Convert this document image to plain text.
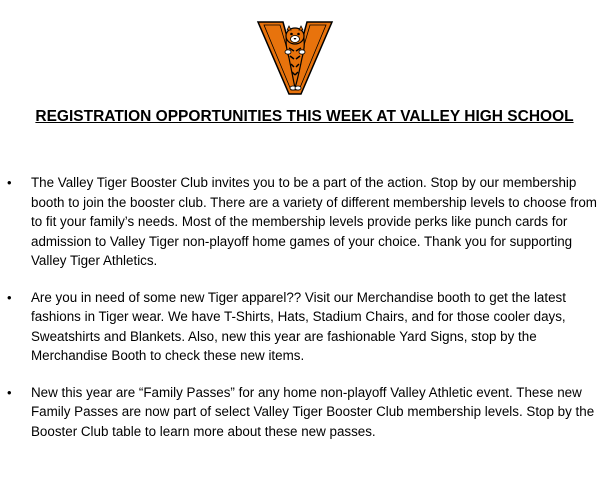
REGISTRATION OPPORTUNITIES THIS WEEK AT VALLEY HIGH SCHOOL
• The Valley Tiger Booster Club invites you to be a part of the action. Stop by our membership booth to join the booster club. There are a variety of different membership levels to choose from to fit your family’s needs. Most of the membership levels provide perks like punch cards for admission to Valley Tiger non-playoff home games of your choice. Thank you for supporting Valley Tiger Athletics.
• Are you in need of some new Tiger apparel?? Visit our Merchandise booth to get the latest fashions in Tiger wear. We have T-Shirts, Hats, Stadium Chairs, and for those cooler days, Sweatshirts and Blankets. Also, new this year are fashionable Yard Signs, stop by the Merchandise Booth to check these new items.
• New this year are “Family Passes” for any home non-playoff Valley Athletic event. These new Family Passes are now part of select Valley Tiger Booster Club membership levels. Stop by the Booster Club table to learn more about these new passes.
